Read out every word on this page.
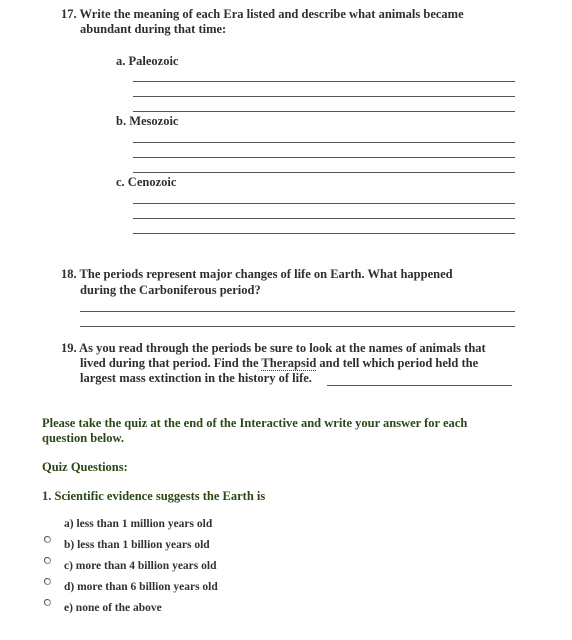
17. Write the meaning of each Era listed and describe what animals became
abundant during that time:
a. Paleozoic
b. Mesozoic
c. Cenozoic
18. The periods represent major changes of life on Earth. What happened
during the Carboniferous period?
19. As you read through the periods be sure to look at the names of animals that
lived during that period. Find the Therapsid and tell which period held the
largest mass extinction in the history of life.
Please take the quiz at the end of the Interactive and write your answer for each
question below.
Quiz Questions:
1. Scientific evidence suggests the Earth is
a) less than 1 million years old
b) less than 1 billion years old
c) more than 4 billion years old
d) more than 6 billion years old
e) none of the above
